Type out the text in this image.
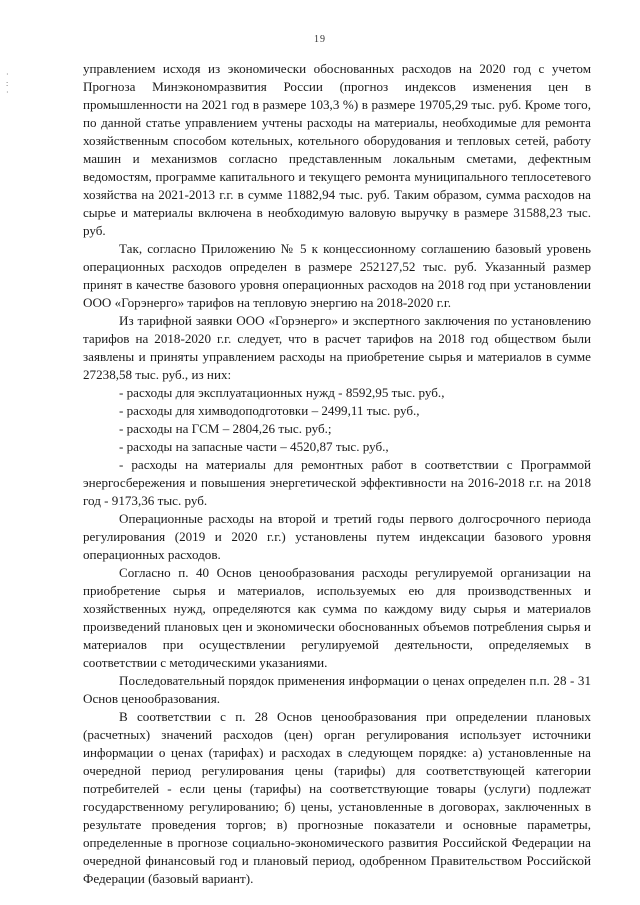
19
·
:
·

управлением исходя из экономически обоснованных расходов на 2020 год с учетом Прогноза Минэкономразвития России (прогноз индексов изменения цен в промышленности на 2021 год в размере 103,3 %) в размере 19705,29 тыс. руб. Кроме того, по данной статье управлением учтены расходы на материалы, необходимые для ремонта хозяйственным способом котельных, котельного оборудования и тепловых сетей, работу машин и механизмов согласно представленным локальным сметами, дефектным ведомостям, программе капитального и текущего ремонта муниципального теплосетевого хозяйства на 2021-2013 г.г. в сумме 11882,94 тыс. руб. Таким образом, сумма расходов на сырье и материалы включена в необходимую валовую выручку в размере 31588,23 тыс. руб.

Так, согласно Приложению № 5 к концессионному соглашению базовый уровень операционных расходов определен в размере 252127,52 тыс. руб. Указанный размер принят в качестве базового уровня операционных расходов на 2018 год при установлении ООО «Горэнерго» тарифов на тепловую энергию на 2018-2020 г.г.

Из тарифной заявки ООО «Горэнерго» и экспертного заключения по установлению тарифов на 2018-2020 г.г. следует, что в расчет тарифов на 2018 год обществом были заявлены и приняты управлением расходы на приобретение сырья и материалов в сумме 27238,58 тыс. руб., из них:

- расходы для эксплуатационных нужд - 8592,95 тыс. руб.,

- расходы для химводоподготовки – 2499,11 тыс. руб.,

- расходы на ГСМ – 2804,26 тыс. руб.;

- расходы на запасные части – 4520,87 тыс. руб.,

- расходы на материалы для ремонтных работ в соответствии с Программой энергосбережения и повышения энергетической эффективности на 2016-2018 г.г. на 2018 год - 9173,36 тыс. руб.

Операционные расходы на второй и третий годы первого долгосрочного периода регулирования (2019 и 2020 г.г.) установлены путем индексации базового уровня операционных расходов.

Согласно п. 40 Основ ценообразования расходы регулируемой организации на приобретение сырья и материалов, используемых ею для производственных и хозяйственных нужд, определяются как сумма по каждому виду сырья и материалов произведений плановых цен и экономически обоснованных объемов потребления сырья и материалов при осуществлении регулируемой деятельности, определяемых в соответствии с методическими указаниями.

Последовательный порядок применения информации о ценах определен п.п. 28 - 31 Основ ценообразования.

В соответствии с п. 28 Основ ценообразования при определении плановых (расчетных) значений расходов (цен) орган регулирования использует источники информации о ценах (тарифах) и расходах в следующем порядке: а) установленные на очередной период регулирования цены (тарифы) для соответствующей категории потребителей - если цены (тарифы) на соответствующие товары (услуги) подлежат государственному регулированию; б) цены, установленные в договорах, заключенных в результате проведения торгов; в) прогнозные показатели и основные параметры, определенные в прогнозе социально-экономического развития Российской Федерации на очередной финансовый год и плановый период, одобренном Правительством Российской Федерации (базовый вариант).
